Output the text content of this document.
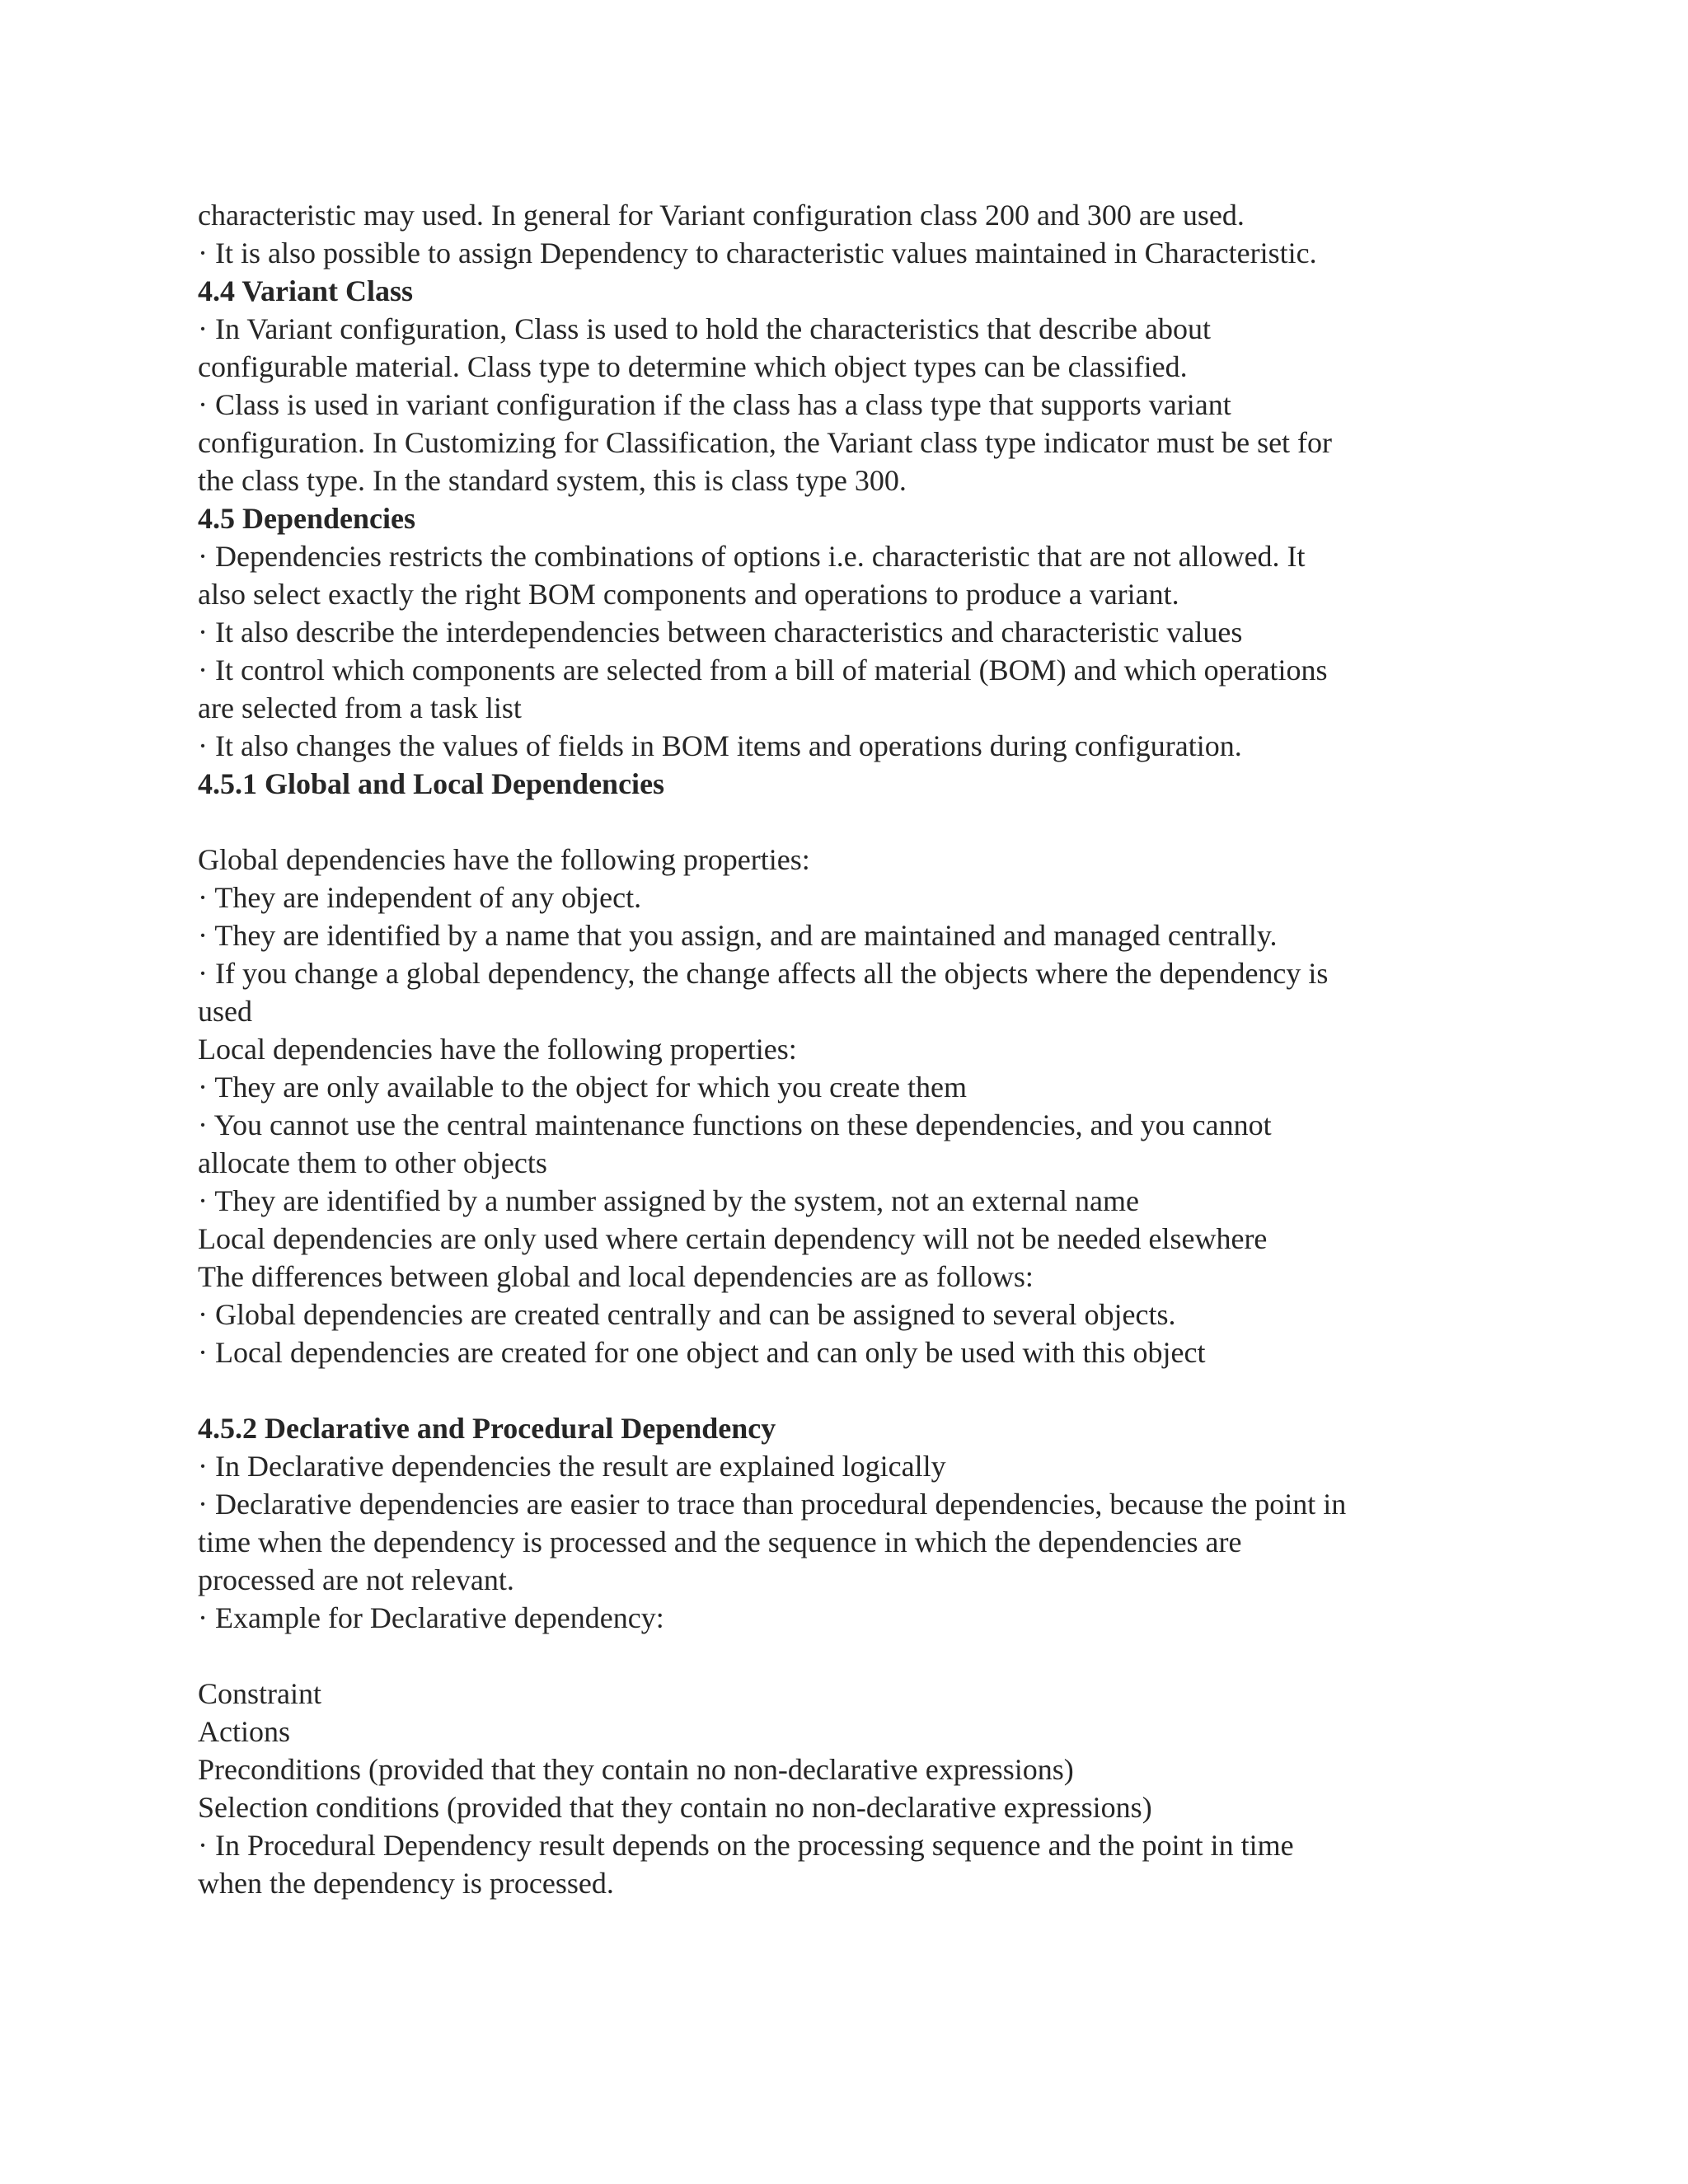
characteristic may used. In general for Variant configuration class 200 and 300 are used.

· It is also possible to assign Dependency to characteristic values maintained in Characteristic.

4.4 Variant Class

· In Variant configuration, Class is used to hold the characteristics that describe about

configurable material. Class type to determine which object types can be classified.

· Class is used in variant configuration if the class has a class type that supports variant

configuration. In Customizing for Classification, the Variant class type indicator must be set for

the class type. In the standard system, this is class type 300.

4.5 Dependencies

· Dependencies restricts the combinations of options i.e. characteristic that are not allowed. It

also select exactly the right BOM components and operations to produce a variant.

· It also describe the interdependencies between characteristics and characteristic values

· It control which components are selected from a bill of material (BOM) and which operations

are selected from a task list

· It also changes the values of fields in BOM items and operations during configuration.

4.5.1 Global and Local Dependencies

Global dependencies have the following properties:

· They are independent of any object.

· They are identified by a name that you assign, and are maintained and managed centrally.

· If you change a global dependency, the change affects all the objects where the dependency is

used

Local dependencies have the following properties:

· They are only available to the object for which you create them

· You cannot use the central maintenance functions on these dependencies, and you cannot

allocate them to other objects

· They are identified by a number assigned by the system, not an external name

Local dependencies are only used where certain dependency will not be needed elsewhere

The differences between global and local dependencies are as follows:

· Global dependencies are created centrally and can be assigned to several objects.

· Local dependencies are created for one object and can only be used with this object

4.5.2 Declarative and Procedural Dependency

· In Declarative dependencies the result are explained logically

· Declarative dependencies are easier to trace than procedural dependencies, because the point in

time when the dependency is processed and the sequence in which the dependencies are

processed are not relevant.

· Example for Declarative dependency:

Constraint

Actions

Preconditions (provided that they contain no non-declarative expressions)

Selection conditions (provided that they contain no non-declarative expressions)

· In Procedural Dependency result depends on the processing sequence and the point in time

when the dependency is processed.
